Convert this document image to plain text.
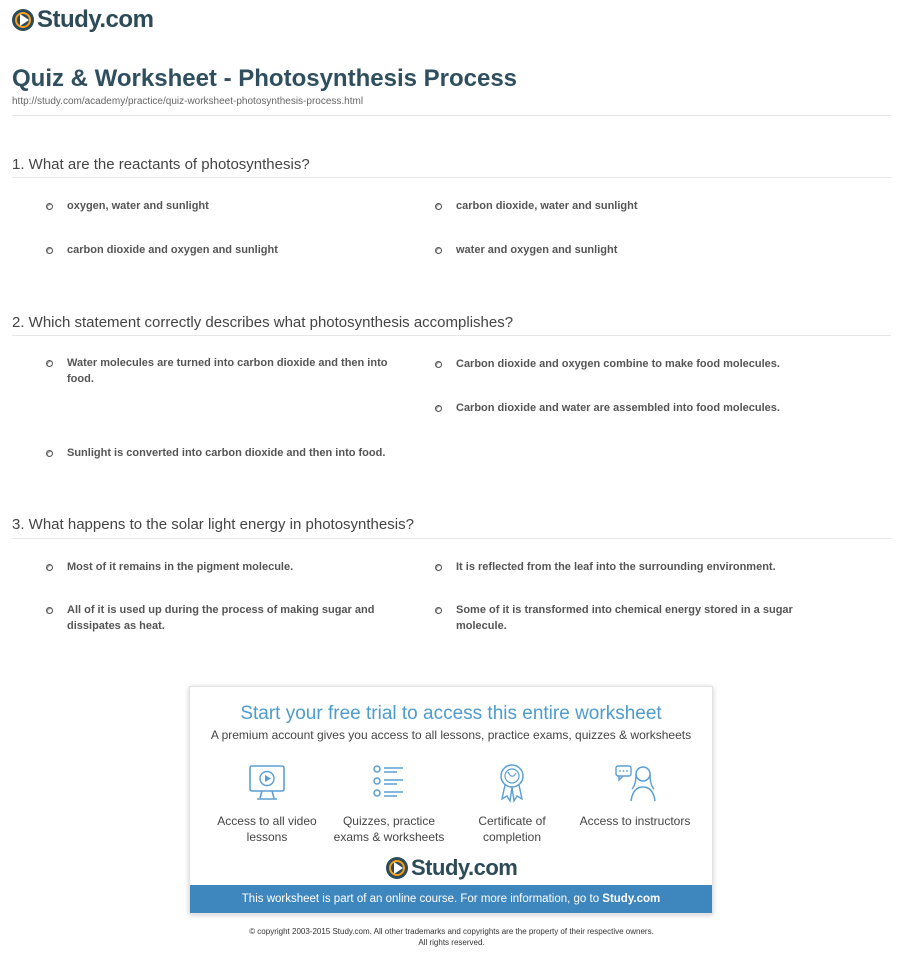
Study.com
Quiz & Worksheet - Photosynthesis Process
http://study.com/academy/practice/quiz-worksheet-photosynthesis-process.html
1. What are the reactants of photosynthesis?
oxygen, water and sunlight	carbon dioxide, water and sunlight
carbon dioxide and oxygen and sunlight	water and oxygen and sunlight
2. Which statement correctly describes what photosynthesis accomplishes?
Water molecules are turned into carbon dioxide and then into food.
Carbon dioxide and oxygen combine to make food molecules.
Carbon dioxide and water are assembled into food molecules.
Sunlight is converted into carbon dioxide and then into food.
3. What happens to the solar light energy in photosynthesis?
Most of it remains in the pigment molecule.	It is reflected from the leaf into the surrounding environment.
All of it is used up during the process of making sugar and dissipates as heat.
Some of it is transformed into chemical energy stored in a sugar molecule.
Start your free trial to access this entire worksheet
A premium account gives you access to all lessons, practice exams, quizzes & worksheets
Access to all video lessons
Quizzes, practice exams & worksheets
Certificate of completion
Access to instructors
Study.com
This worksheet is part of an online course. For more information, go to Study.com
© copyright 2003-2015 Study.com. All other trademarks and copyrights are the property of their respective owners.
All rights reserved.
